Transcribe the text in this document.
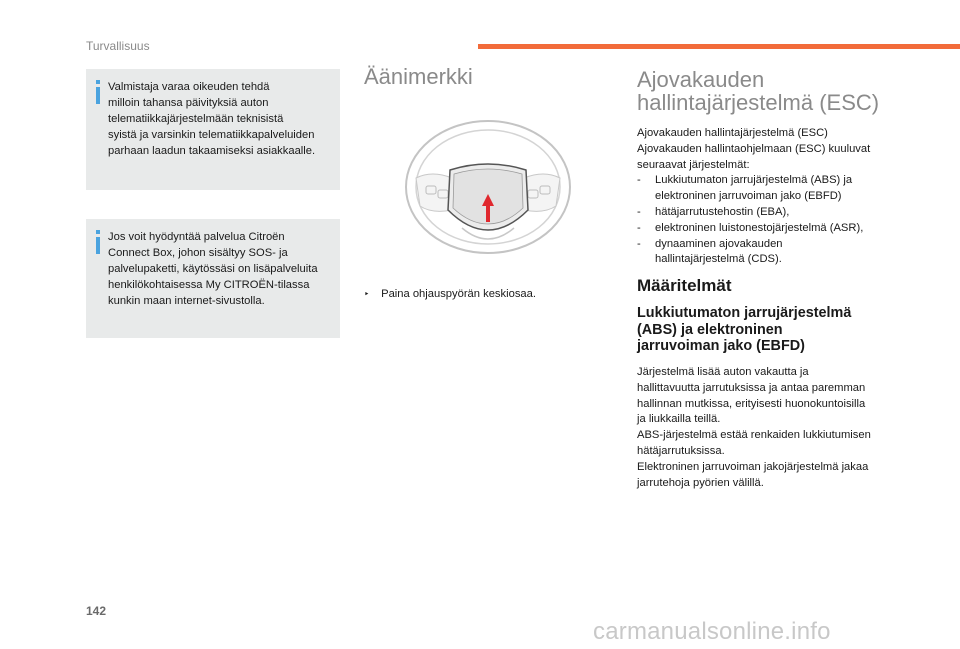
Turvallisuus
Valmistaja varaa oikeuden tehdä
milloin tahansa päivityksiä auton
telematiikkajärjestelmään teknisistä
syistä ja varsinkin telematiikkapalveluiden
parhaan laadun takaamiseksi asiakkaalle.
Jos voit hyödyntää palvelua Citroën
Connect Box, johon sisältyy SOS- ja
palvelupaketti, käytössäsi on lisäpalveluita
henkilökohtaisessa My CITROËN-tilassa
kunkin maan internet-sivustolla.
Äänimerkki
‣ Paina ohjauspyörän keskiosaa.
Ajovakauden
hallintajärjestelmä (ESC)
Ajovakauden hallintajärjestelmä (ESC)
Ajovakauden hallintaohjelmaan (ESC) kuuluvat
seuraavat järjestelmät:
- Lukkiutumaton jarrujärjestelmä (ABS) ja
elektroninen jarruvoiman jako (EBFD)
- hätäjarrutustehostin (EBA),
- elektroninen luistonestojärjestelmä (ASR),
- dynaaminen ajovakauden
hallintajärjestelmä (CDS).
Määritelmät
Lukkiutumaton jarrujärjestelmä
(ABS) ja elektroninen
jarruvoiman jako (EBFD)
Järjestelmä lisää auton vakautta ja
hallittavuutta jarrutuksissa ja antaa paremman
hallinnan mutkissa, erityisesti huonokuntoisilla
ja liukkailla teillä.
ABS-järjestelmä estää renkaiden lukkiutumisen
hätäjarrutuksissa.
Elektroninen jarruvoiman jakojärjestelmä jakaa
jarrutehoja pyörien välillä.
142
carmanualsonline.info
